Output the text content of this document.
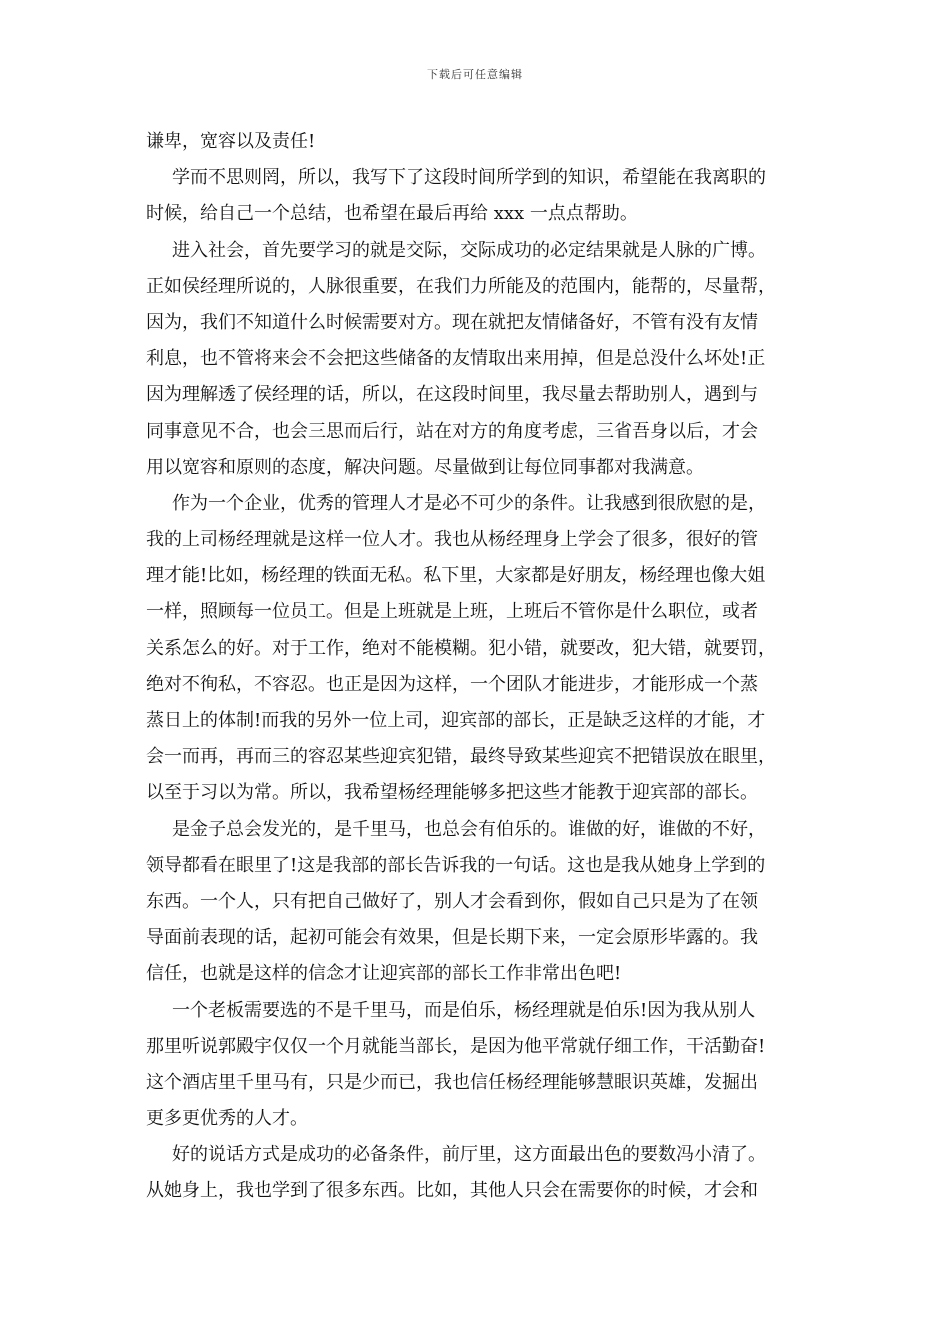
下载后可任意编辑
谦卑，宽容以及责任!
学而不思则罔，所以，我写下了这段时间所学到的知识，希望能在我离职的
时候，给自己一个总结，也希望在最后再给 xxx 一点点帮助。
进入社会，首先要学习的就是交际，交际成功的必定结果就是人脉的广博。
正如侯经理所说的，人脉很重要，在我们力所能及的范围内，能帮的，尽量帮，
因为，我们不知道什么时候需要对方。现在就把友情储备好，不管有没有友情
利息，也不管将来会不会把这些储备的友情取出来用掉，但是总没什么坏处!正
因为理解透了侯经理的话，所以，在这段时间里，我尽量去帮助别人，遇到与
同事意见不合，也会三思而后行，站在对方的角度考虑，三省吾身以后，才会
用以宽容和原则的态度，解决问题。尽量做到让每位同事都对我满意。
作为一个企业，优秀的管理人才是必不可少的条件。让我感到很欣慰的是，
我的上司杨经理就是这样一位人才。我也从杨经理身上学会了很多，很好的管
理才能!比如，杨经理的铁面无私。私下里，大家都是好朋友，杨经理也像大姐
一样，照顾每一位员工。但是上班就是上班，上班后不管你是什么职位，或者
关系怎么的好。对于工作，绝对不能模糊。犯小错，就要改，犯大错，就要罚，
绝对不徇私，不容忍。也正是因为这样，一个团队才能进步，才能形成一个蒸
蒸日上的体制!而我的另外一位上司，迎宾部的部长，正是缺乏这样的才能，才
会一而再，再而三的容忍某些迎宾犯错，最终导致某些迎宾不把错误放在眼里，
以至于习以为常。所以，我希望杨经理能够多把这些才能教于迎宾部的部长。
是金子总会发光的，是千里马，也总会有伯乐的。谁做的好，谁做的不好，
领导都看在眼里了!这是我部的部长告诉我的一句话。这也是我从她身上学到的
东西。一个人，只有把自己做好了，别人才会看到你，假如自己只是为了在领
导面前表现的话，起初可能会有效果，但是长期下来，一定会原形毕露的。我
信任，也就是这样的信念才让迎宾部的部长工作非常出色吧!
一个老板需要选的不是千里马，而是伯乐，杨经理就是伯乐!因为我从别人
那里听说郭殿宇仅仅一个月就能当部长，是因为他平常就仔细工作，干活勤奋!
这个酒店里千里马有，只是少而已，我也信任杨经理能够慧眼识英雄，发掘出
更多更优秀的人才。
好的说话方式是成功的必备条件，前厅里，这方面最出色的要数冯小清了。
从她身上，我也学到了很多东西。比如，其他人只会在需要你的时候，才会和
